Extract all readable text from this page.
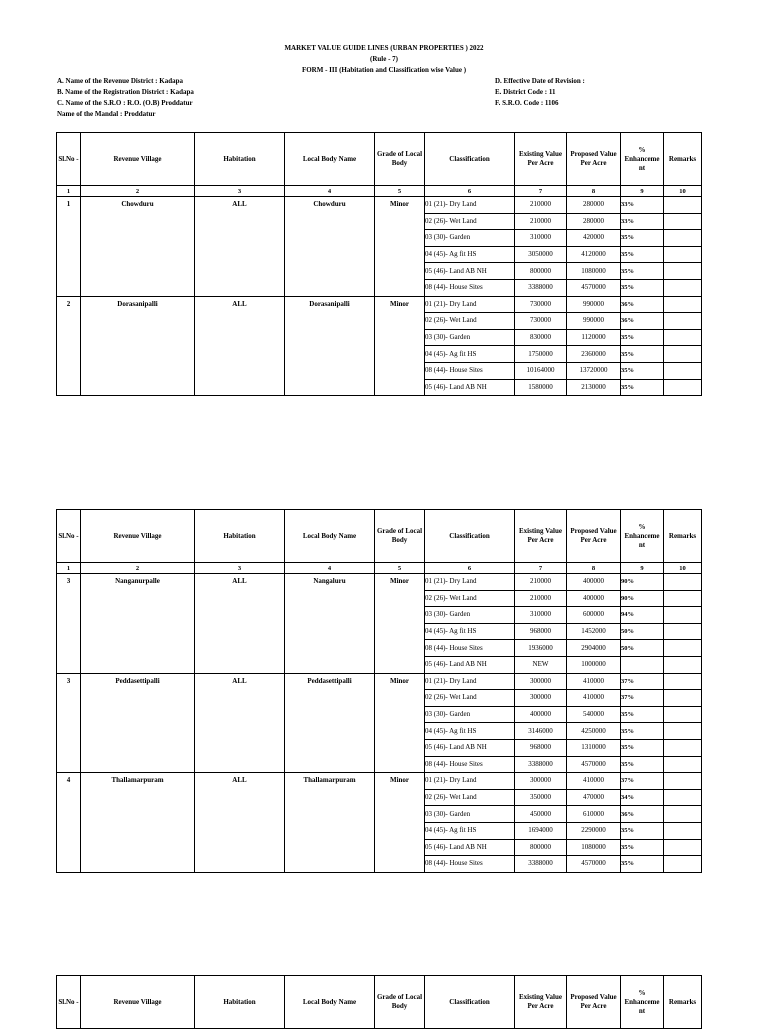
MARKET VALUE GUIDE LINES (URBAN PROPERTIES ) 2022
(Rule - 7)
FORM - III (Habitation and Classification wise Value )
A. Name of the Revenue District : Kadapa
B. Name of the Registration District : Kadapa
C. Name of the S.R.O : R.O. (O.B) Proddatur
Name of the Mandal : Proddatur
D. Effective Date of Revision :
E. District Code : 11
F. S.R.O. Code : 1106
Sl.No -	Revenue Village	Habitation	Local Body Name	Grade of Local Body	Classification	Existing Value Per Acre	Proposed Value Per Acre	% Enhanceme nt	Remarks
1	2	3	4	5	6	7	8	9	10
1	Chowduru	ALL	Chowduru	Minor	01 (21)- Dry Land	210000	280000	33%	
					02 (26)- Wet Land	210000	280000	33%	
					03 (30)- Garden	310000	420000	35%	
					04 (45)- Ag fit HS	3050000	4120000	35%	
					05 (46)- Land AB NH	800000	1080000	35%	
					08 (44)- House Sites	3388000	4570000	35%	
2	Dorasanipalli	ALL	Dorasanipalli	Minor	01 (21)- Dry Land	730000	990000	36%	
					02 (26)- Wet Land	730000	990000	36%	
					03 (30)- Garden	830000	1120000	35%	
					04 (45)- Ag fit HS	1750000	2360000	35%	
					08 (44)- House Sites	10164000	13720000	35%	
					05 (46)- Land AB NH	1580000	2130000	35%	
Sl.No -	Revenue Village	Habitation	Local Body Name	Grade of Local Body	Classification	Existing Value Per Acre	Proposed Value Per Acre	% Enhanceme nt	Remarks
1	2	3	4	5	6	7	8	9	10
3	Nanganurpalle	ALL	Nangaluru	Minor	01 (21)- Dry Land	210000	400000	90%	
					02 (26)- Wet Land	210000	400000	90%	
					03 (30)- Garden	310000	600000	94%	
					04 (45)- Ag fit HS	968000	1452000	50%	
					08 (44)- House Sites	1936000	2904000	50%	
					05 (46)- Land AB NH	NEW	1000000		
3	Peddasettipalli	ALL	Peddasettipalli	Minor	01 (21)- Dry Land	300000	410000	37%	
					02 (26)- Wet Land	300000	410000	37%	
					03 (30)- Garden	400000	540000	35%	
					04 (45)- Ag fit HS	3146000	4250000	35%	
					05 (46)- Land AB NH	968000	1310000	35%	
					08 (44)- House Sites	3388000	4570000	35%	
4	Thallamarpuram	ALL	Thallamarpuram	Minor	01 (21)- Dry Land	300000	410000	37%	
					02 (26)- Wet Land	350000	470000	34%	
					03 (30)- Garden	450000	610000	36%	
					04 (45)- Ag fit HS	1694000	2290000	35%	
					05 (46)- Land AB NH	800000	1080000	35%	
					08 (44)- House Sites	3388000	4570000	35%	
Sl.No -	Revenue Village	Habitation	Local Body Name	Grade of Local Body	Classification	Existing Value Per Acre	Proposed Value Per Acre	% Enhanceme nt	Remarks
